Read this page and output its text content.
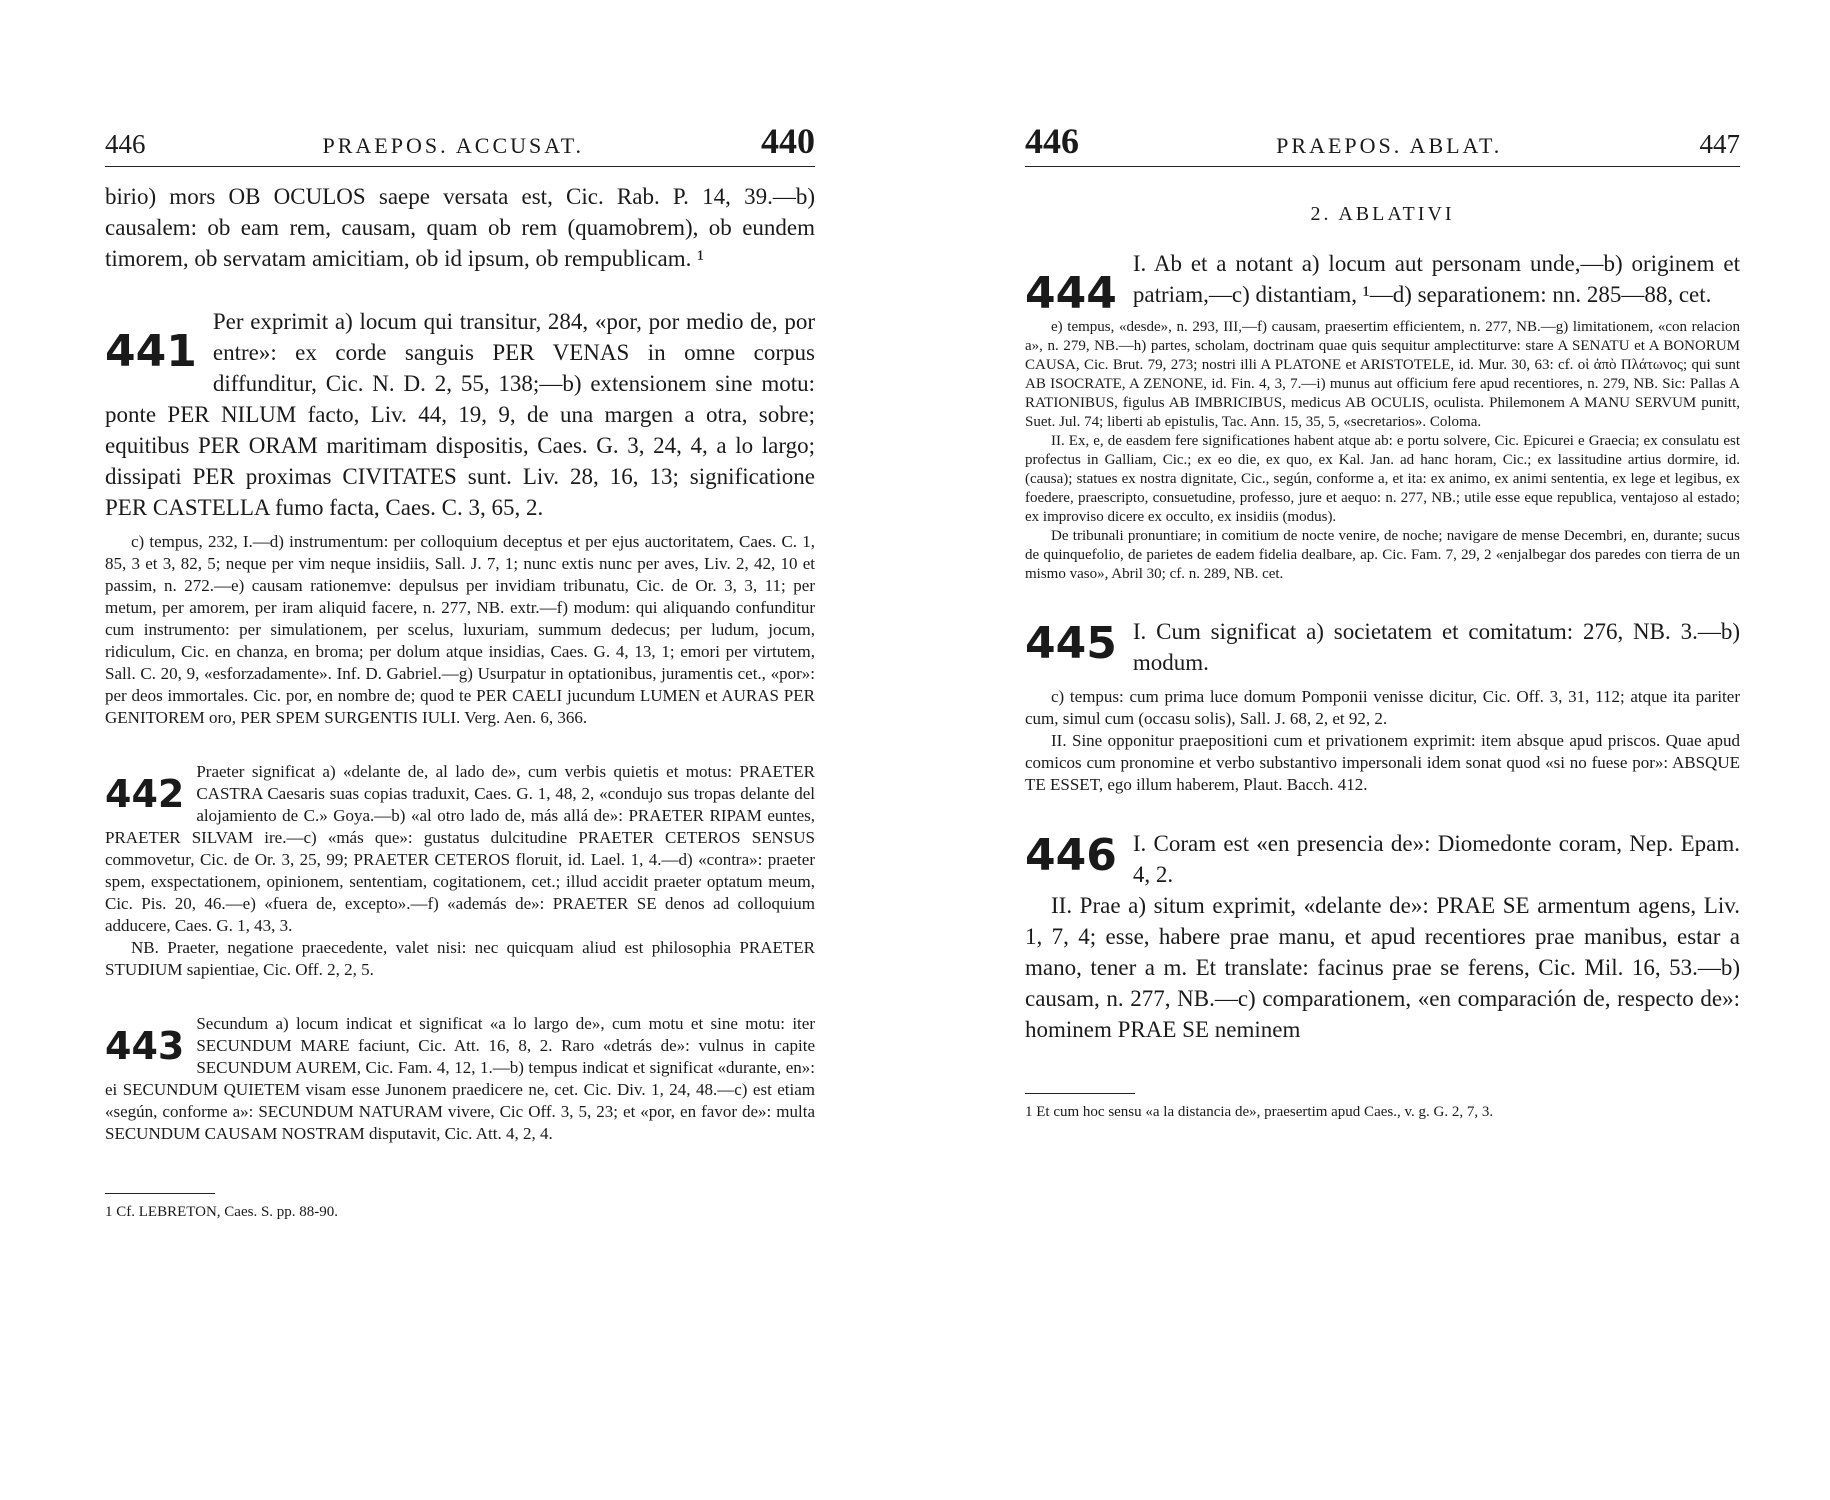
446	PRAEPOS. ACCUSAT.	440

birio) mors OB OCULOS saepe versata est, Cic. Rab. P. 14, 39.—b) causalem: ob eam rem, causam, quam ob rem (quamobrem), ob eundem timorem, ob servatam amicitiam, ob id ipsum, ob rempublicam. ¹

441

Per exprimit a) locum qui transitur, 284, «por, por medio de, por entre»: ex corde sanguis PER VENAS in omne corpus diffunditur, Cic. N. D. 2, 55, 138;—b) extensionem sine motu: ponte PER NILUM facto, Liv. 44, 19, 9, de una margen a otra, sobre; equitibus PER ORAM maritimam dispositis, Caes. G. 3, 24, 4, a lo largo; dissipati PER proximas CIVITATES sunt. Liv. 28, 16, 13; significatione PER CASTELLA fumo facta, Caes. C. 3, 65, 2.

c) tempus, 232, I.—d) instrumentum: per colloquium deceptus et per ejus auctoritatem, Caes. C. 1, 85, 3 et 3, 82, 5; neque per vim neque insidiis, Sall. J. 7, 1; nunc extis nunc per aves, Liv. 2, 42, 10 et passim, n. 272.—e) causam rationemve: depulsus per invidiam tribunatu, Cic. de Or. 3, 3, 11; per metum, per amorem, per iram aliquid facere, n. 277, NB. extr.—f) modum: qui aliquando confunditur cum instrumento: per simulationem, per scelus, luxuriam, summum dedecus; per ludum, jocum, ridiculum, Cic. en chanza, en broma; per dolum atque insidias, Caes. G. 4, 13, 1; emori per virtutem, Sall. C. 20, 9, «esforzadamente». Inf. D. Gabriel.—g) Usurpatur in optationibus, juramentis cet., «por»: per deos immortales. Cic. por, en nombre de; quod te PER CAELI jucundum LUMEN et AURAS PER GENITOREM oro, PER SPEM SURGENTIS IULI. Verg. Aen. 6, 366.

442

Praeter significat a) «delante de, al lado de», cum verbis quietis et motus: PRAETER CASTRA Caesaris suas copias traduxit, Caes. G. 1, 48, 2, «condujo sus tropas delante del alojamiento de C.» Goya.—b) «al otro lado de, más allá de»: PRAETER RIPAM euntes, PRAETER SILVAM ire.—c) «más que»: gustatus dulcitudine PRAETER CETEROS SENSUS commovetur, Cic. de Or. 3, 25, 99; PRAETER CETEROS floruit, id. Lael. 1, 4.—d) «contra»: praeter spem, exspectationem, opinionem, sententiam, cogitationem, cet.; illud accidit praeter optatum meum, Cic. Pis. 20, 46.—e) «fuera de, excepto».—f) «además de»: PRAETER SE denos ad colloquium adducere, Caes. G. 1, 43, 3.

NB. Praeter, negatione praecedente, valet nisi: nec quicquam aliud est philosophia PRAETER STUDIUM sapientiae, Cic. Off. 2, 2, 5.

443

Secundum a) locum indicat et significat «a lo largo de», cum motu et sine motu: iter SECUNDUM MARE faciunt, Cic. Att. 16, 8, 2. Raro «detrás de»: vulnus in capite SECUNDUM AUREM, Cic. Fam. 4, 12, 1.—b) tempus indicat et significat «durante, en»: ei SECUNDUM QUIETEM visam esse Junonem praedicere ne, cet. Cic. Div. 1, 24, 48.—c) est etiam «según, conforme a»: SECUNDUM NATURAM vivere, Cic Off. 3, 5, 23; et «por, en favor de»: multa SECUNDUM CAUSAM NOSTRAM disputavit, Cic. Att. 4, 2, 4.

1 Cf. LEBRETON, Caes. S. pp. 88-90.

446	PRAEPOS. ABLAT.	447
2. ABLATIVI
444

I. Ab et a notant a) locum aut personam unde,—b) originem et patriam,—c) distantiam, ¹—d) separationem: nn. 285—88, cet.

e) tempus, «desde», n. 293, III,—f) causam, praesertim efficientem, n. 277, NB.—g) limitationem, «con relacion a», n. 279, NB.—h) partes, scholam, doctrinam quae quis sequitur amplectiturve: stare A SENATU et A BONORUM CAUSA, Cic. Brut. 79, 273; nostri illi A PLATONE et ARISTOTELE, id. Mur. 30, 63: cf. οἱ ἀπὸ Πλάτωνος; qui sunt AB ISOCRATE, A ZENONE, id. Fin. 4, 3, 7.—i) munus aut officium fere apud recentiores, n. 279, NB. Sic: Pallas A RATIONIBUS, figulus AB IMBRICIBUS, medicus AB OCULIS, oculista. Philemonem A MANU SERVUM punitt, Suet. Jul. 74; liberti ab epistulis, Tac. Ann. 15, 35, 5, «secretarios». Coloma.

II. Ex, e, de easdem fere significationes habent atque ab: e portu solvere, Cic. Epicurei e Graecia; ex consulatu est profectus in Galliam, Cic.; ex eo die, ex quo, ex Kal. Jan. ad hanc horam, Cic.; ex lassitudine artius dormire, id. (causa); statues ex nostra dignitate, Cic., según, conforme a, et ita: ex animo, ex animi sententia, ex lege et legibus, ex foedere, praescripto, consuetudine, professo, jure et aequo: n. 277, NB.; utile esse eque republica, ventajoso al estado; ex improviso dicere ex occulto, ex insidiis (modus).

De tribunali pronuntiare; in comitium de nocte venire, de noche; navigare de mense Decembri, en, durante; sucus de quinquefolio, de parietes de eadem fidelia dealbare, ap. Cic. Fam. 7, 29, 2 «enjalbegar dos paredes con tierra de un mismo vaso», Abril 30; cf. n. 289, NB. cet.

445 I. Cum significat a) societatem et comitatum: 276, NB. 3.—b) modum.

c) tempus: cum prima luce domum Pomponii venisse dicitur, Cic. Off. 3, 31, 112; atque ita pariter cum, simul cum (occasu solis), Sall. J. 68, 2, et 92, 2.

II. Sine opponitur praepositioni cum et privationem exprimit: item absque apud priscos. Quae apud comicos cum pronomine et verbo substantivo impersonali idem sonat quod «si no fuese por»: ABSQUE TE ESSET, ego illum haberem, Plaut. Bacch. 412.

446 I. Coram est «en presencia de»: Diomedonte coram, Nep. Epam. 4, 2.

II. Prae a) situm exprimit, «delante de»: PRAE SE armentum agens, Liv. 1, 7, 4; esse, habere prae manu, et apud recentiores prae manibus, estar a mano, tener a m. Et translate: facinus prae se ferens, Cic. Mil. 16, 53.—b) causam, n. 277, NB.—c) comparationem, «en comparación de, respecto de»: hominem PRAE SE neminem

1 Et cum hoc sensu «a la distancia de», praesertim apud Caes., v. g. G. 2, 7, 3.
